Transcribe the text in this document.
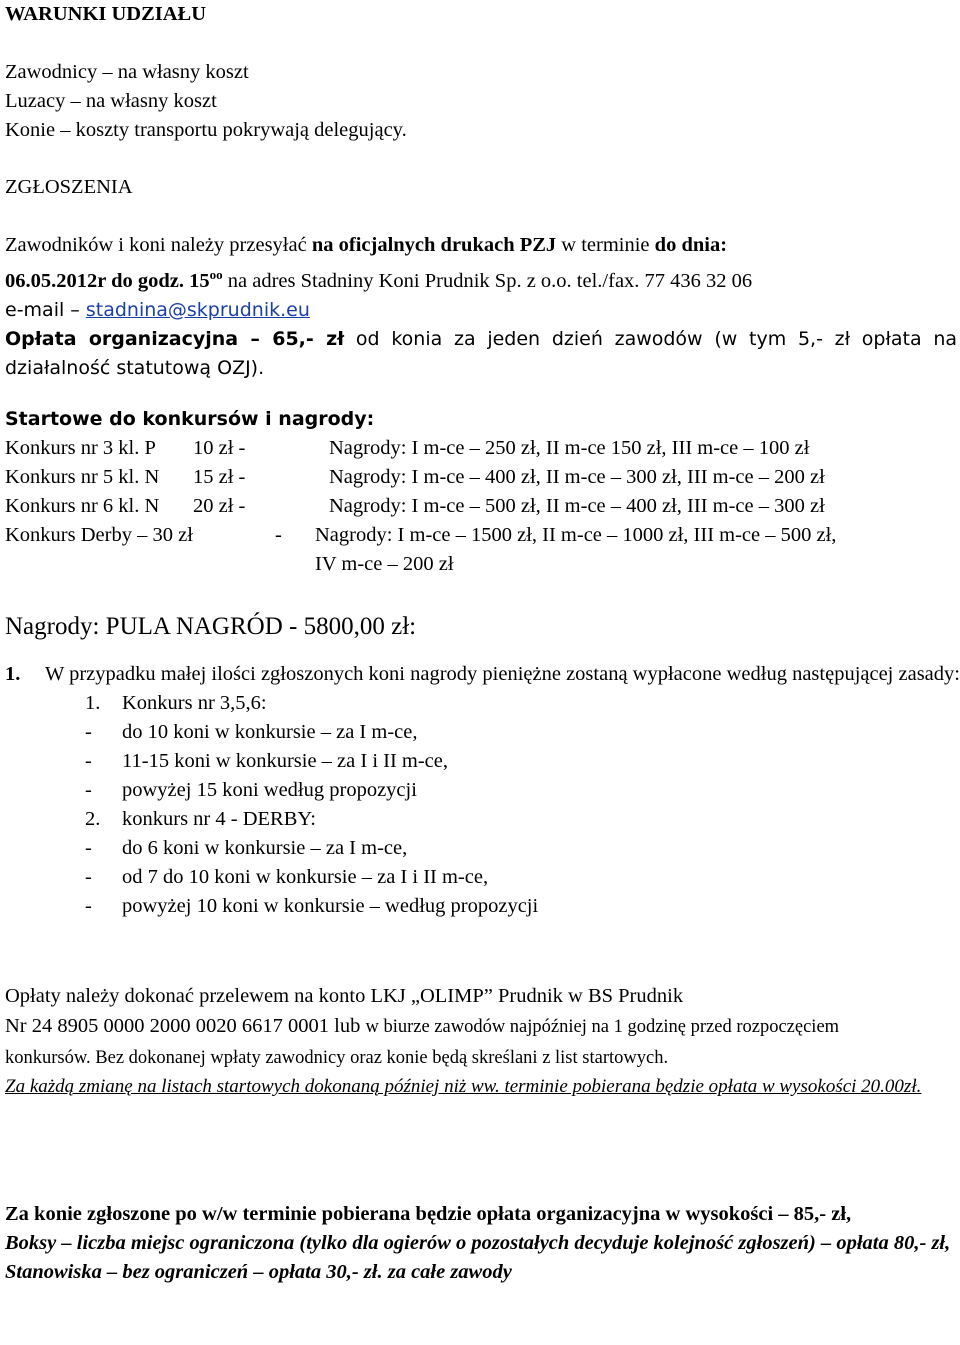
WARUNKI UDZIAŁU
Zawodnicy – na własny koszt
Luzacy – na własny koszt
Konie – koszty transportu pokrywają delegujący.
ZGŁOSZENIA

Zawodników i koni należy przesyłać na oficjalnych drukach PZJ w terminie do dnia:

06.05.2012r do godz. $15^{oo}$ na adres Stadniny Koni Prudnik Sp. z o.o. tel./fax. 77 436 32 06

e-mail – stadnina@skprudnik.eu

Opłata organizacyjna – 65,- zł od konia za jeden dzień zawodów (w tym 5,- zł opłata na działalność statutową OZJ).

Startowe do konkursów i nagrody:
Konkurs nr 3 kl. P	10 zł -	Nagrody: I m-ce – 250 zł, II m-ce 150 zł, III m-ce – 100 zł
Konkurs nr 5 kl. N	15 zł -	Nagrody: I m-ce – 400 zł, II m-ce – 300 zł, III m-ce – 200 zł
Konkurs nr 6 kl. N	20 zł -	Nagrody: I m-ce – 500 zł, II m-ce – 400 zł, III m-ce – 300 zł
Konkurs Derby – 30 zł	-	Nagrody: I m-ce – 1500 zł, II m-ce – 1000 zł, III m-ce – 500 zł,
IV m-ce – 200 zł
Nagrody: PULA NAGRÓD - 5800,00 zł:
1.	W przypadku małej ilości zgłoszonych koni nagrody pieniężne zostaną wypłacone według następującej zasady:
1. Konkurs nr 3,5,6:
- do 10 koni w konkursie – za I m-ce,
- 11-15 koni w konkursie – za I i II m-ce,
- powyżej 15 koni według propozycji
2. konkurs nr 4 - DERBY:
- do 6 koni w konkursie – za I m-ce,
- od 7 do 10 koni w konkursie – za I i II m-ce,
- powyżej 10 koni w konkursie – według propozycji

Opłaty należy dokonać przelewem na konto LKJ „OLIMP” Prudnik w BS Prudnik

Nr 24 8905 0000 2000 0020 6617 0001 lub w biurze zawodów najpóźniej na 1 godzinę przed rozpoczęciem konkursów. Bez dokonanej wpłaty zawodnicy oraz konie będą skreślani z list startowych.

Za każdą zmianę na listach startowych dokonaną później niż ww. terminie pobierana będzie opłata w wysokości 20.00zł.

Za konie zgłoszone po w/w terminie pobierana będzie opłata organizacyjna w wysokości – 85,- zł,

Boksy – liczba miejsc ograniczona (tylko dla ogierów o pozostałych decyduje kolejność zgłoszeń) – opłata 80,- zł,

Stanowiska – bez ograniczeń – opłata 30,- zł. za całe zawody
